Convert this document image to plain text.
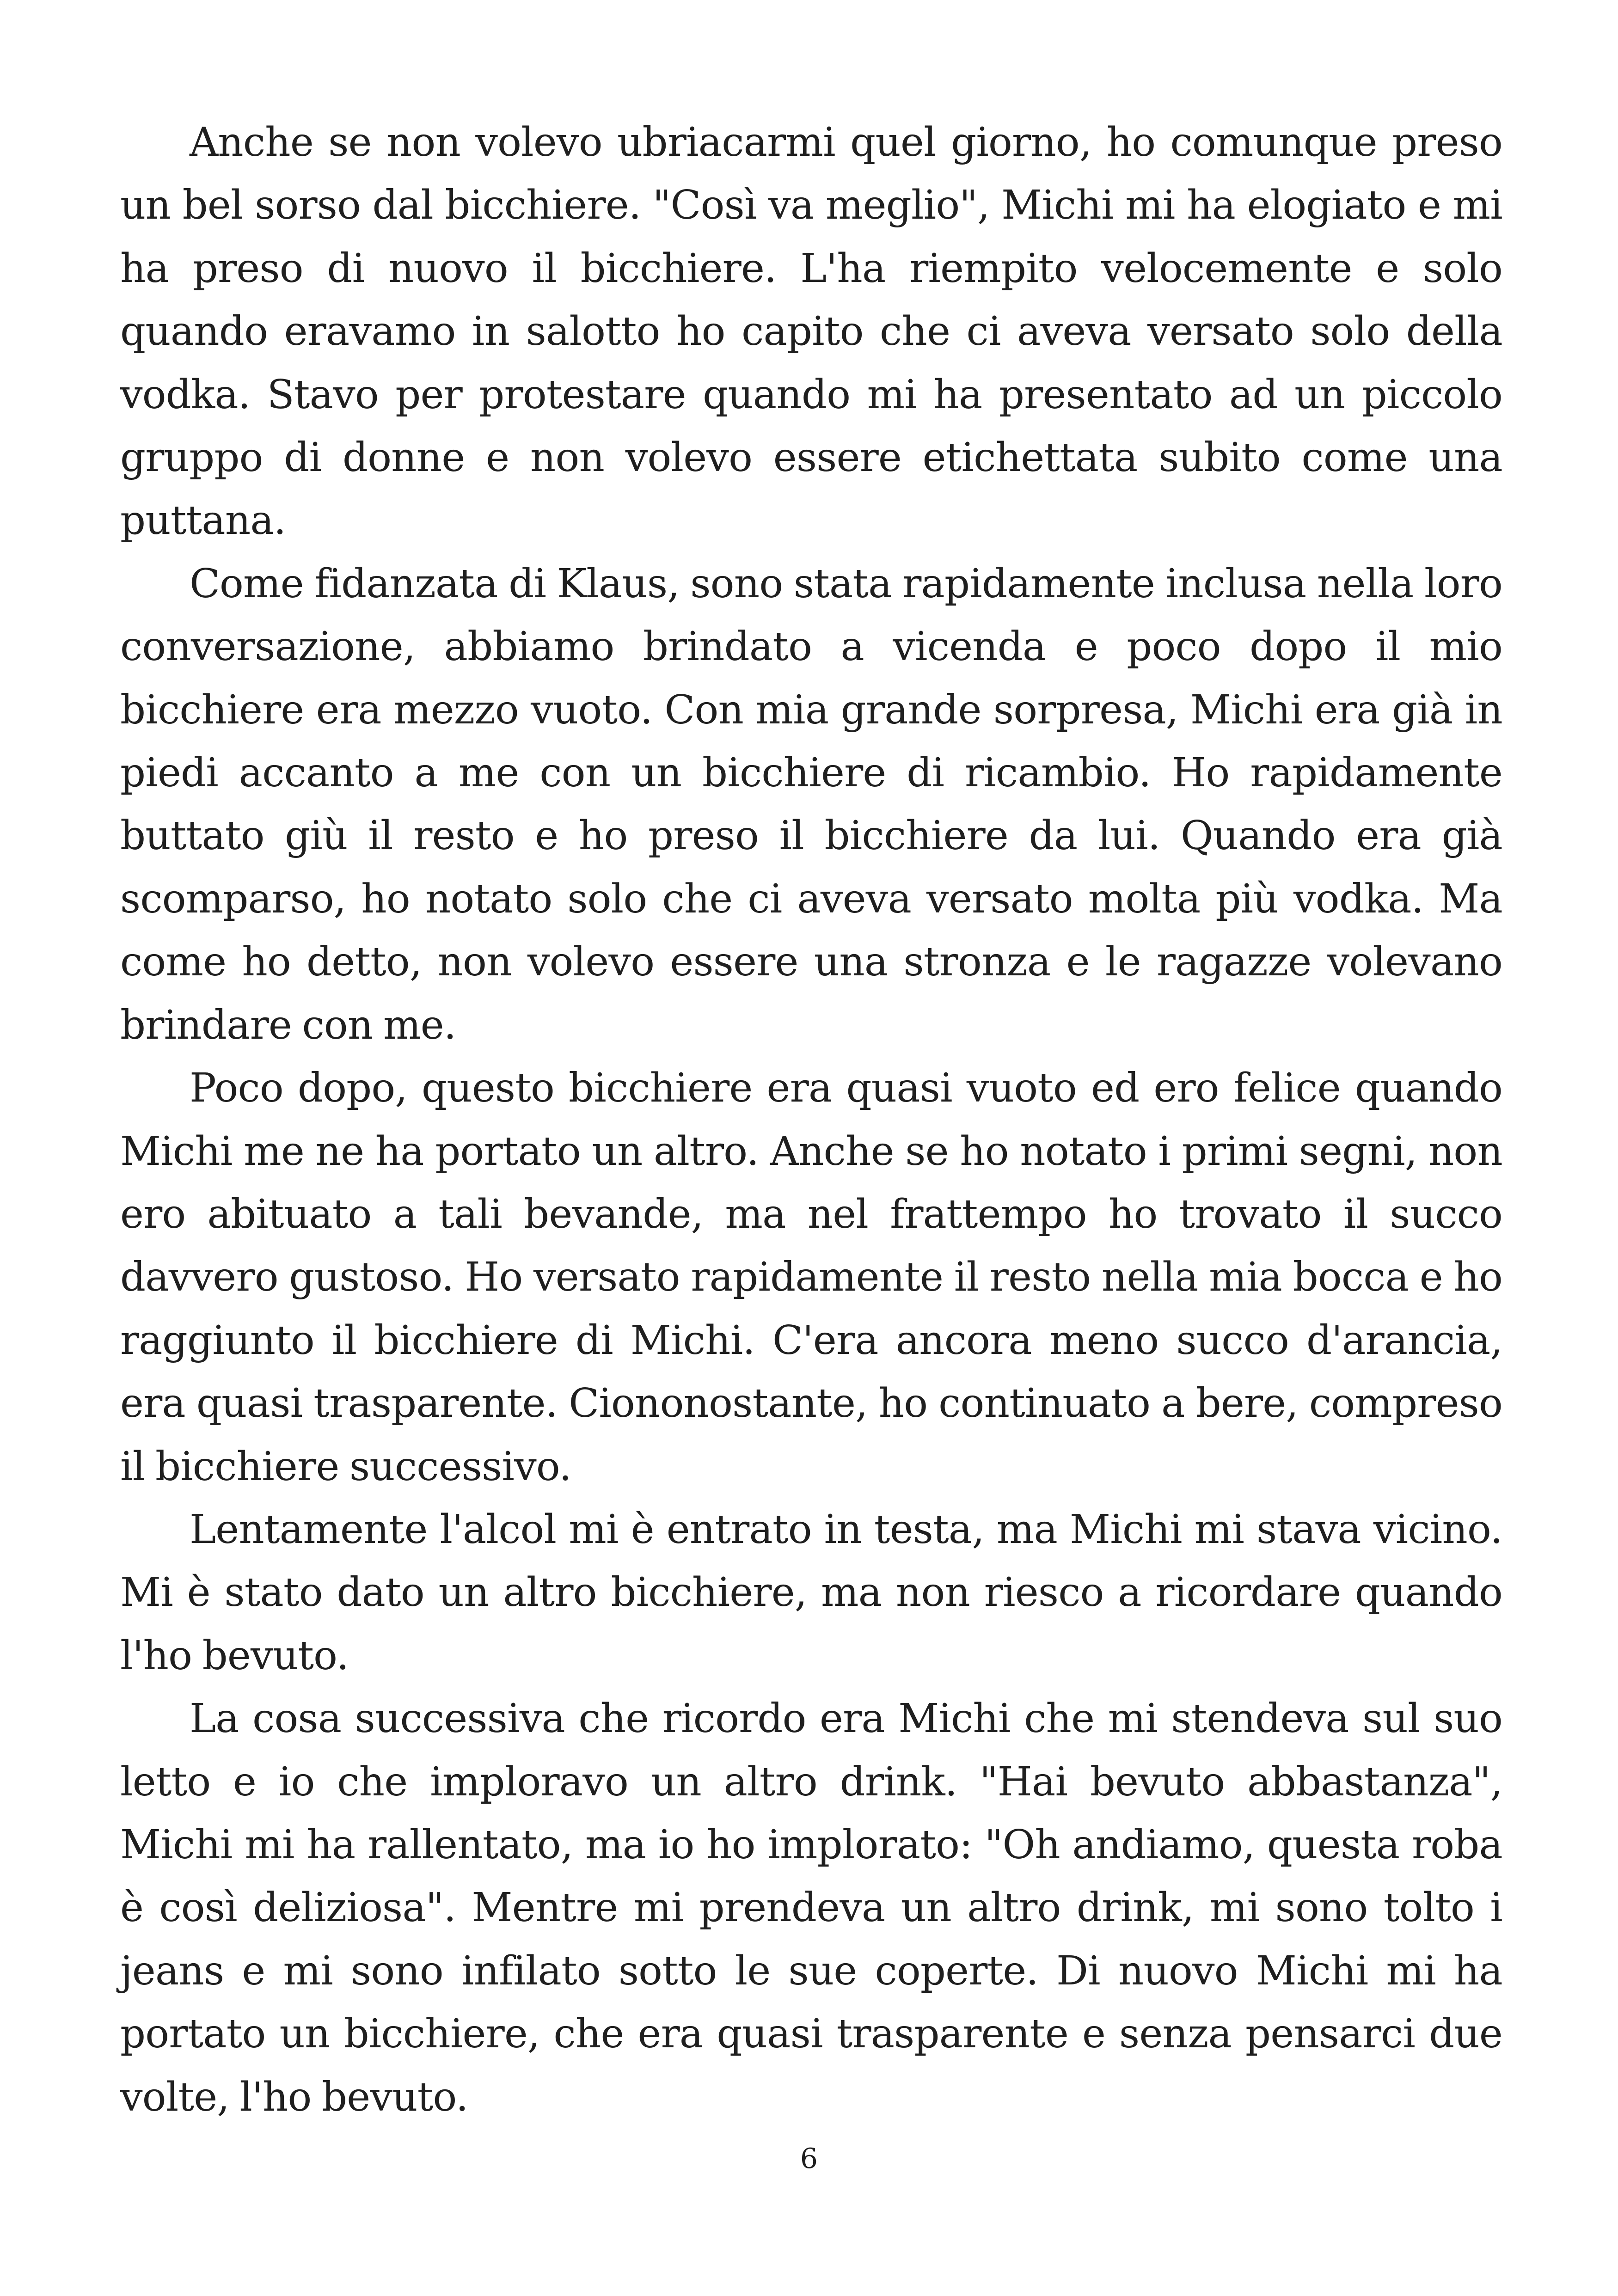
Anche se non volevo ubriacarmi quel giorno, ho comunque preso un bel sorso dal bicchiere. "Così va meglio", Michi mi ha elogiato e mi ha preso di nuovo il bicchiere. L'ha riempito velocemente e solo quando eravamo in salotto ho capito che ci aveva versato solo della vodka. Stavo per protestare quando mi ha presentato ad un piccolo gruppo di donne e non volevo essere etichettata subito come una puttana.

Come fidanzata di Klaus, sono stata rapidamente inclusa nella loro conversazione, abbiamo brindato a vicenda e poco dopo il mio bicchiere era mezzo vuoto. Con mia grande sorpresa, Michi era già in piedi accanto a me con un bicchiere di ricambio. Ho rapidamente buttato giù il resto e ho preso il bicchiere da lui. Quando era già scomparso, ho notato solo che ci aveva versato molta più vodka. Ma come ho detto, non volevo essere una stronza e le ragazze volevano brindare con me.

Poco dopo, questo bicchiere era quasi vuoto ed ero felice quando Michi me ne ha portato un altro. Anche se ho notato i primi segni, non ero abituato a tali bevande, ma nel frattempo ho trovato il succo davvero gustoso. Ho versato rapidamente il resto nella mia bocca e ho raggiunto il bicchiere di Michi. C'era ancora meno succo d'arancia, era quasi trasparente. Ciononostante, ho continuato a bere, compreso il bicchiere successivo.

Lentamente l'alcol mi è entrato in testa, ma Michi mi stava vicino. Mi è stato dato un altro bicchiere, ma non riesco a ricordare quando l'ho bevuto.

La cosa successiva che ricordo era Michi che mi stendeva sul suo letto e io che imploravo un altro drink. "Hai bevuto abbastanza", Michi mi ha rallentato, ma io ho implorato: "Oh andiamo, questa roba è così deliziosa". Mentre mi prendeva un altro drink, mi sono tolto i jeans e mi sono infilato sotto le sue coperte. Di nuovo Michi mi ha portato un bicchiere, che era quasi trasparente e senza pensarci due volte, l'ho bevuto.

6
